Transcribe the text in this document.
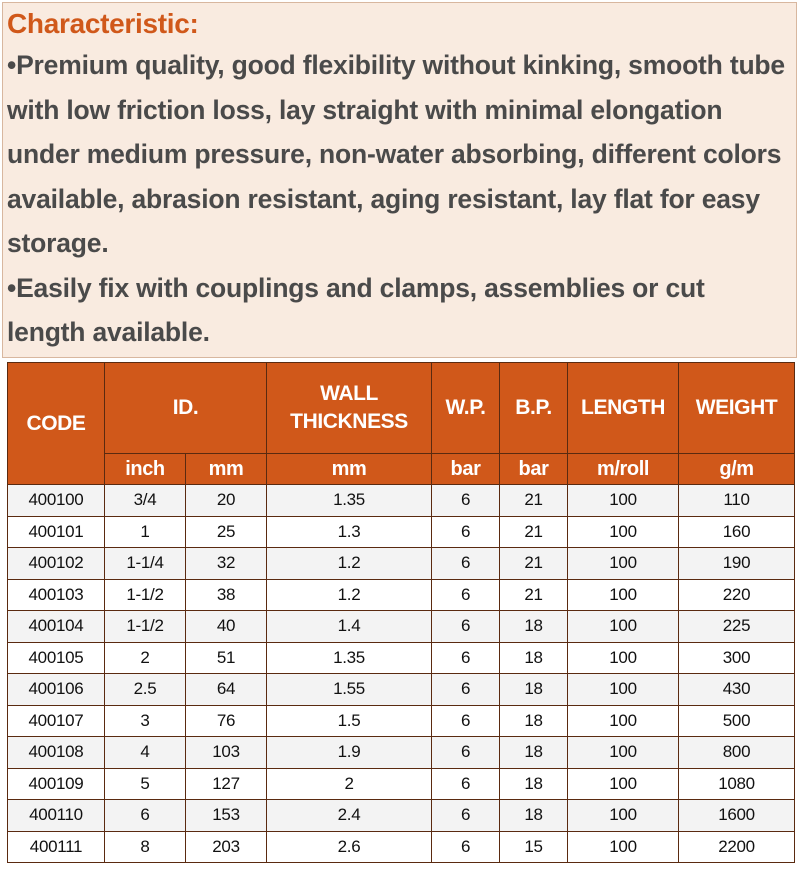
Characteristic:

•Premium quality, good flexibility without kinking, smooth tube with low friction loss, lay straight with minimal elongation under medium pressure, non-water absorbing, different colors available, abrasion resistant, aging resistant, lay flat for easy storage.

•Easily fix with couplings and clamps, assemblies or cut length available.

CODE	ID.		WALL THICKNESS	W.P.	B.P.	LENGTH	WEIGHT
	inch	mm	mm	bar	bar	m/roll	g/m
400100	3/4	20	1.35	6	21	100	110
400101	1	25	1.3	6	21	100	160
400102	1-1/4	32	1.2	6	21	100	190
400103	1-1/2	38	1.2	6	21	100	220
400104	1-1/2	40	1.4	6	18	100	225
400105	2	51	1.35	6	18	100	300
400106	2.5	64	1.55	6	18	100	430
400107	3	76	1.5	6	18	100	500
400108	4	103	1.9	6	18	100	800
400109	5	127	2	6	18	100	1080
400110	6	153	2.4	6	18	100	1600
400111	8	203	2.6	6	15	100	2200
